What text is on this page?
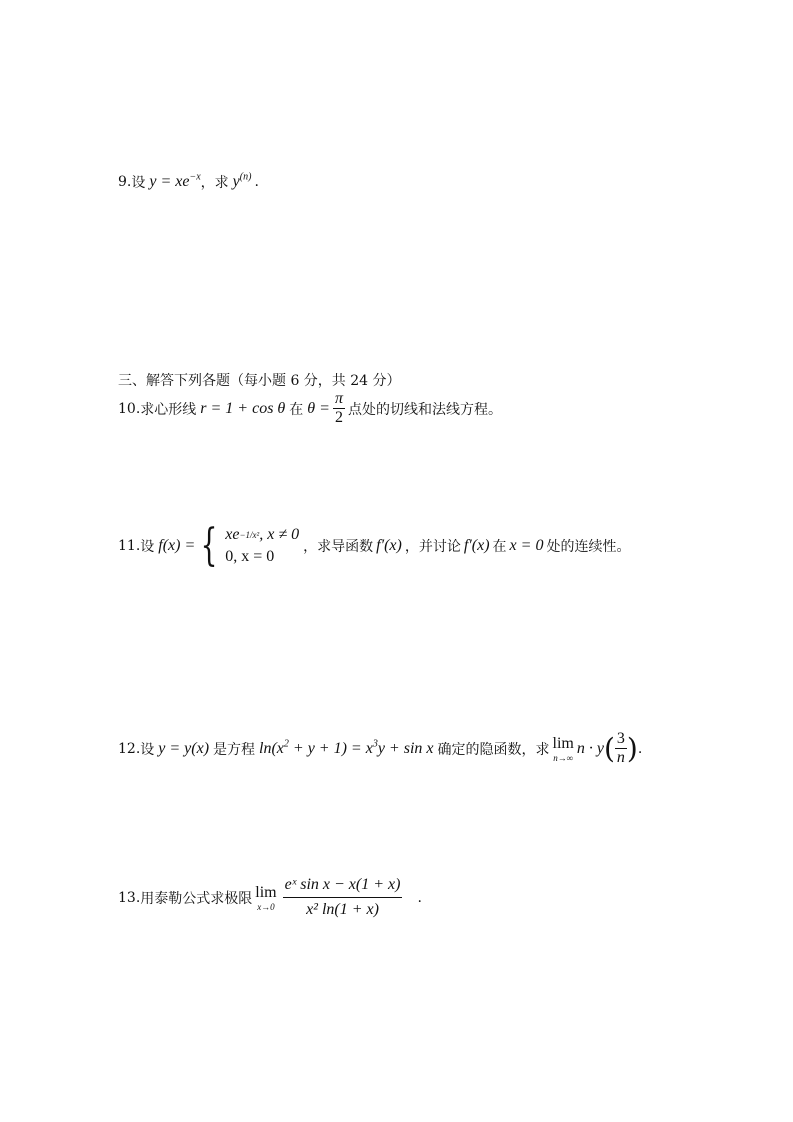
9. 设 $y = xe^{-x}$ ，求 $y^{(n)}$ .
三、解答下列各题（每小题 6 分，共 24 分）
10. 求心形线 r = 1 + cos θ 在 $\theta = \frac{\pi}{2}$ 点处的切线和法线方程。
11. 设 f(x) = { xe −1/x² , x ≠ 0
0, x = 0
，求导函数 f′(x) ，并讨论 f′(x) 在 x = 0 处的连续性。
12. 设 y = y(x) 是方程 $\ln(x^2 + y + 1) = x^3y + \sin x$ 确定的隐函数，求 lim
n→∞
n · y ( $\frac{3}{n}$ ) .
13. 用泰勒公式求极限 lim
$x\to 0 \frac{\text{eˣ sin x − x(1 + x)}}{\text{x² ln(1 + x)}}$ .
